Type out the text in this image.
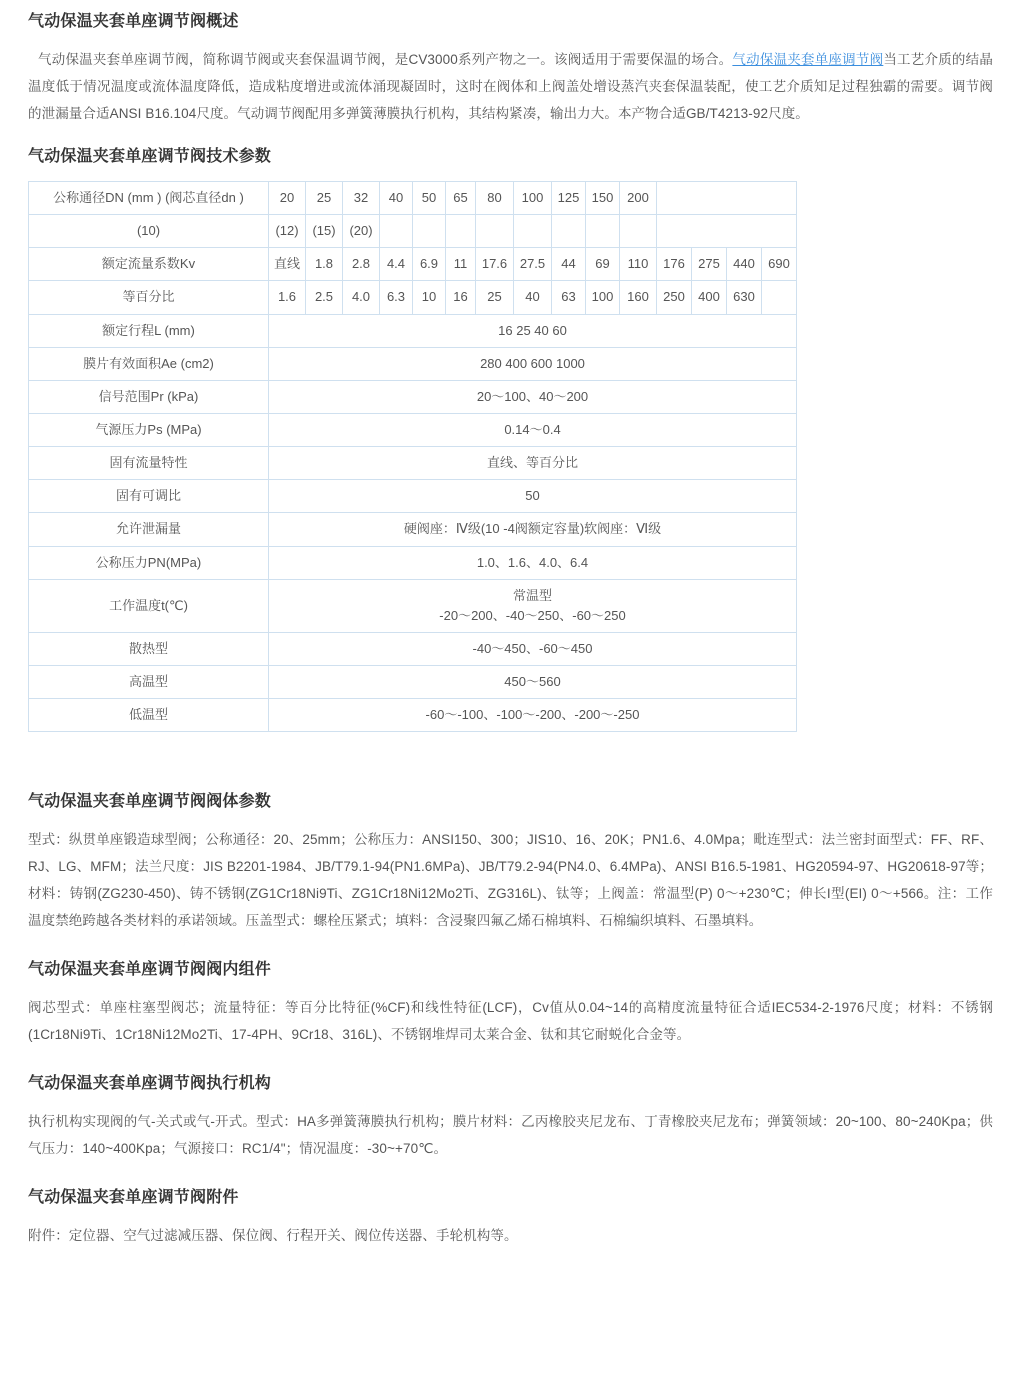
气动保温夹套单座调节阀概述

气动保温夹套单座调节阀，简称调节阀或夹套保温调节阀，是CV3000系列产物之一。该阀适用于需要保温的场合。气动保温夹套单座调节阀当工艺介质的结晶温度低于情况温度或流体温度降低，造成粘度增进或流体涌现凝固时，这时在阀体和上阀盖处增设蒸汽夹套保温装配，使工艺介质知足过程独霸的需要。调节阀的泄漏量合适ANSI B16.104尺度。气动调节阀配用多弹簧薄膜执行机构，其结构紧凑，输出力大。本产物合适GB/T4213-92尺度。

气动保温夹套单座调节阀技术参数
公称通径DN (mm ) (阀芯直径dn )	20	25	32	40	50	65	80	100	125	150	200				
(10)	(12)	(15)	(20)												
额定流量系数Kv	直线	1.8	2.8	4.4	6.9	11	17.6	27.5	44	69	110	176	275	440	690
等百分比	1.6	2.5	4.0	6.3	10	16	25	40	63	100	160	250	400	630	
额定行程L (mm)	16 25 40 60														
膜片有效面积Ae (cm2)	280 400 600 1000														
信号范围Pr (kPa)	20～100、40～200														
气源压力Ps (MPa)	0.14～0.4														
固有流量特性	直线、等百分比														
固有可调比	50														
允许泄漏量	硬阀座：Ⅳ级(10 -4阀额定容量)软阀座：Ⅵ级														
公称压力PN(MPa)	1.0、1.6、4.0、6.4														
工作温度t(℃)	常温型
-20～200、-40～250、-60～250														

散热型	-40～450、-60～450														
高温型	450～560														
低温型	-60～-100、-100～-200、-200～-250														
气动保温夹套单座调节阀阀体参数

型式：纵贯单座锻造球型阀；公称通径：20、25mm；公称压力：ANSI150、300；JIS10、16、20K；PN1.6、4.0Mpa；毗连型式：法兰密封面型式：FF、RF、RJ、LG、MFM；法兰尺度：JIS B2201-1984、JB/T79.1-94(PN1.6MPa)、JB/T79.2-94(PN4.0、6.4MPa)、ANSI B16.5-1981、HG20594-97、HG20618-97等；材料：铸钢(ZG230-450)、铸不锈钢(ZG1Cr18Ni9Ti、ZG1Cr18Ni12Mo2Ti、ZG316L)、钛等；上阀盖：常温型(P) 0～+230℃；伸长I型(EI) 0～+566。注：工作温度禁绝跨越各类材料的承诺领域。压盖型式：螺栓压紧式；填料：含浸聚四氟乙烯石棉填料、石棉编织填料、石墨填料。

气动保温夹套单座调节阀阀内组件

阀芯型式：单座柱塞型阀芯；流量特征：等百分比特征(%CF)和线性特征(LCF)，Cv值从0.04~14的高精度流量特征合适IEC534-2-1976尺度；材料：不锈钢(1Cr18Ni9Ti、1Cr18Ni12Mo2Ti、17-4PH、9Cr18、316L)、不锈钢堆焊司太莱合金、钛和其它耐蜕化合金等。

气动保温夹套单座调节阀执行机构

执行机构实现阀的气-关式或气-开式。型式：HA多弹簧薄膜执行机构；膜片材料：乙丙橡胶夹尼龙布、丁青橡胶夹尼龙布；弹簧领域：20~100、80~240Kpa；供气压力：140~400Kpa；气源接口：RC1/4"；情况温度：-30~+70℃。

气动保温夹套单座调节阀附件

附件：定位器、空气过滤减压器、保位阀、行程开关、阀位传送器、手轮机构等。
